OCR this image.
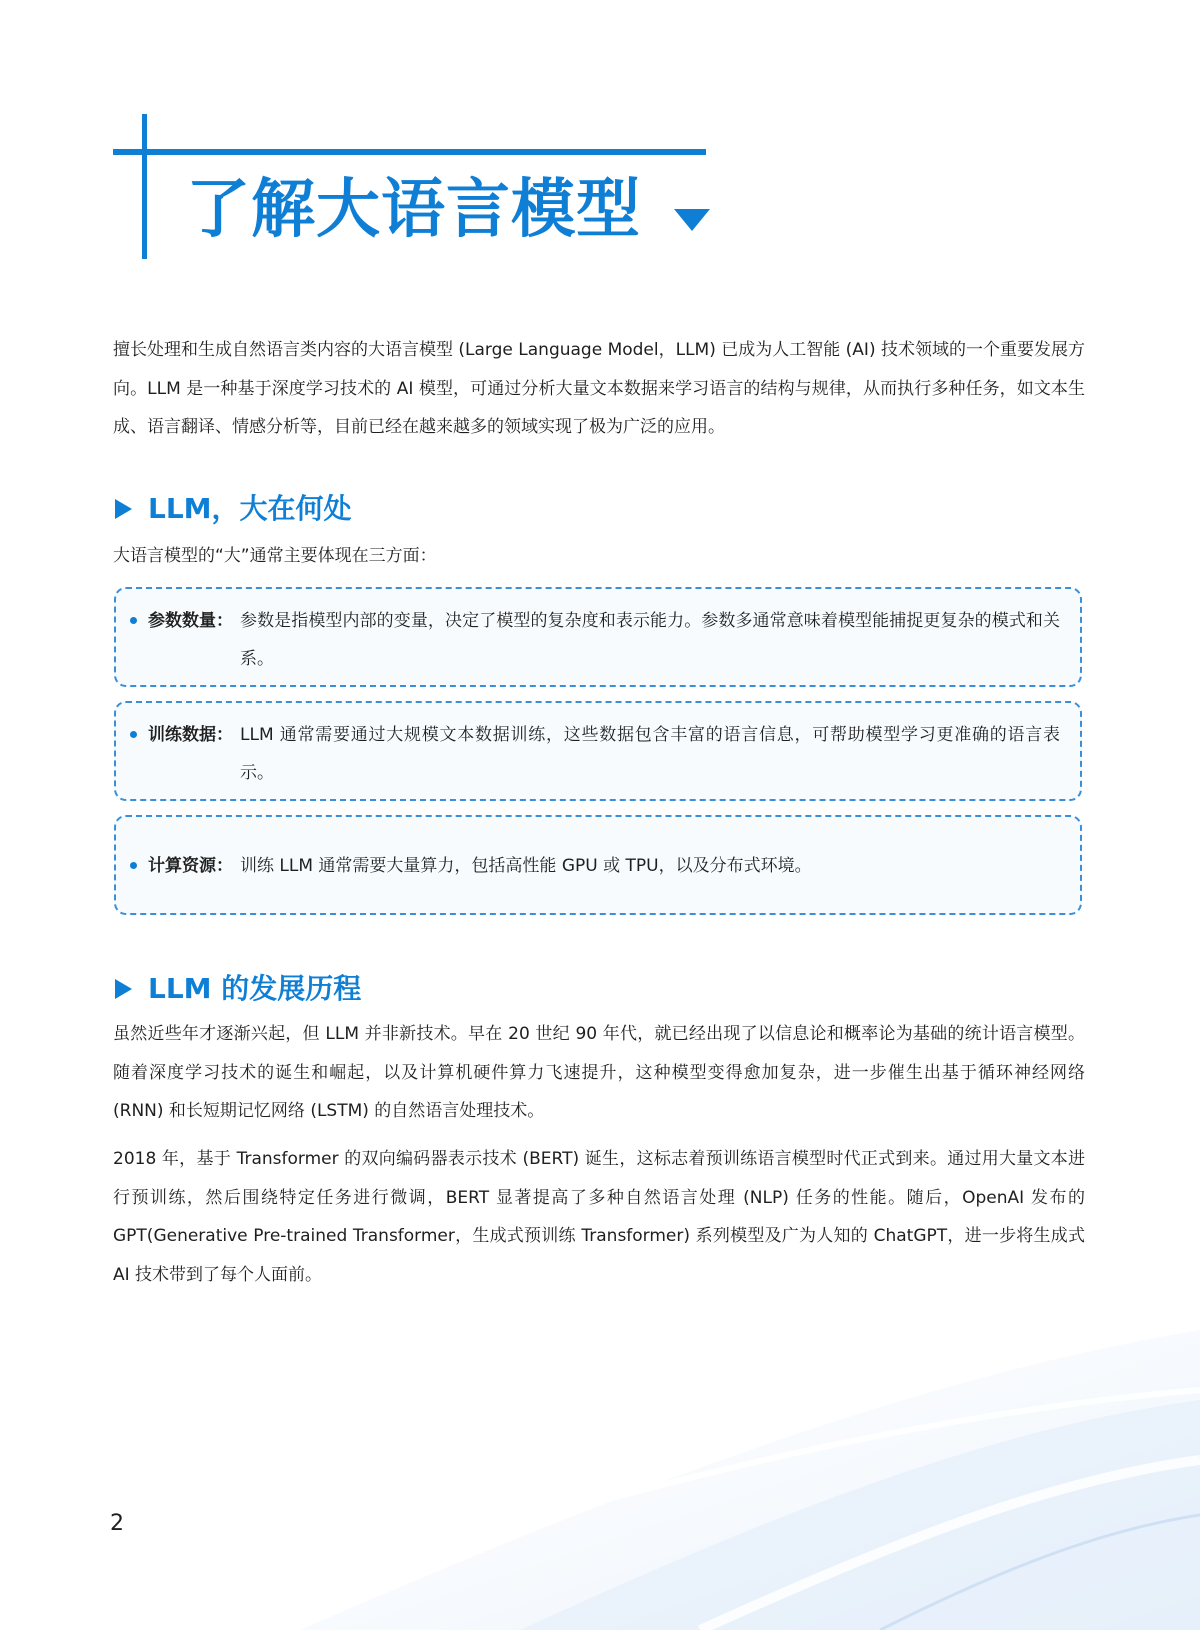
了解大语言模型

擅长处理和生成自然语言类内容的大语言模型 (Large Language Model，LLM) 已成为人工智能 (AI) 技术领域的一个重要发展方向。LLM 是一种基于深度学习技术的 AI 模型，可通过分析大量文本数据来学习语言的结构与规律，从而执行多种任务，如文本生成、语言翻译、情感分析等，目前已经在越来越多的领域实现了极为广泛的应用。

LLM，大在何处

大语言模型的“大”通常主要体现在三方面：

参数数量： 参数是指模型内部的变量，决定了模型的复杂度和表示能力。参数多通常意味着模型能捕捉更复杂的模式和关系。
训练数据： LLM 通常需要通过大规模文本数据训练，这些数据包含丰富的语言信息，可帮助模型学习更准确的语言表示。
计算资源： 训练 LLM 通常需要大量算力，包括高性能 GPU 或 TPU，以及分布式环境。
LLM 的发展历程

虽然近些年才逐渐兴起，但 LLM 并非新技术。早在 20 世纪 90 年代，就已经出现了以信息论和概率论为基础的统计语言模型。随着深度学习技术的诞生和崛起，以及计算机硬件算力飞速提升，这种模型变得愈加复杂，进一步催生出基于循环神经网络 (RNN) 和长短期记忆网络 (LSTM) 的自然语言处理技术。

2018 年，基于 Transformer 的双向编码器表示技术 (BERT) 诞生，这标志着预训练语言模型时代正式到来。通过用大量文本进行预训练，然后围绕特定任务进行微调，BERT 显著提高了多种自然语言处理 (NLP) 任务的性能。随后，OpenAI 发布的 GPT(Generative Pre-trained Transformer，生成式预训练 Transformer) 系列模型及广为人知的 ChatGPT，进一步将生成式 AI 技术带到了每个人面前。

2
